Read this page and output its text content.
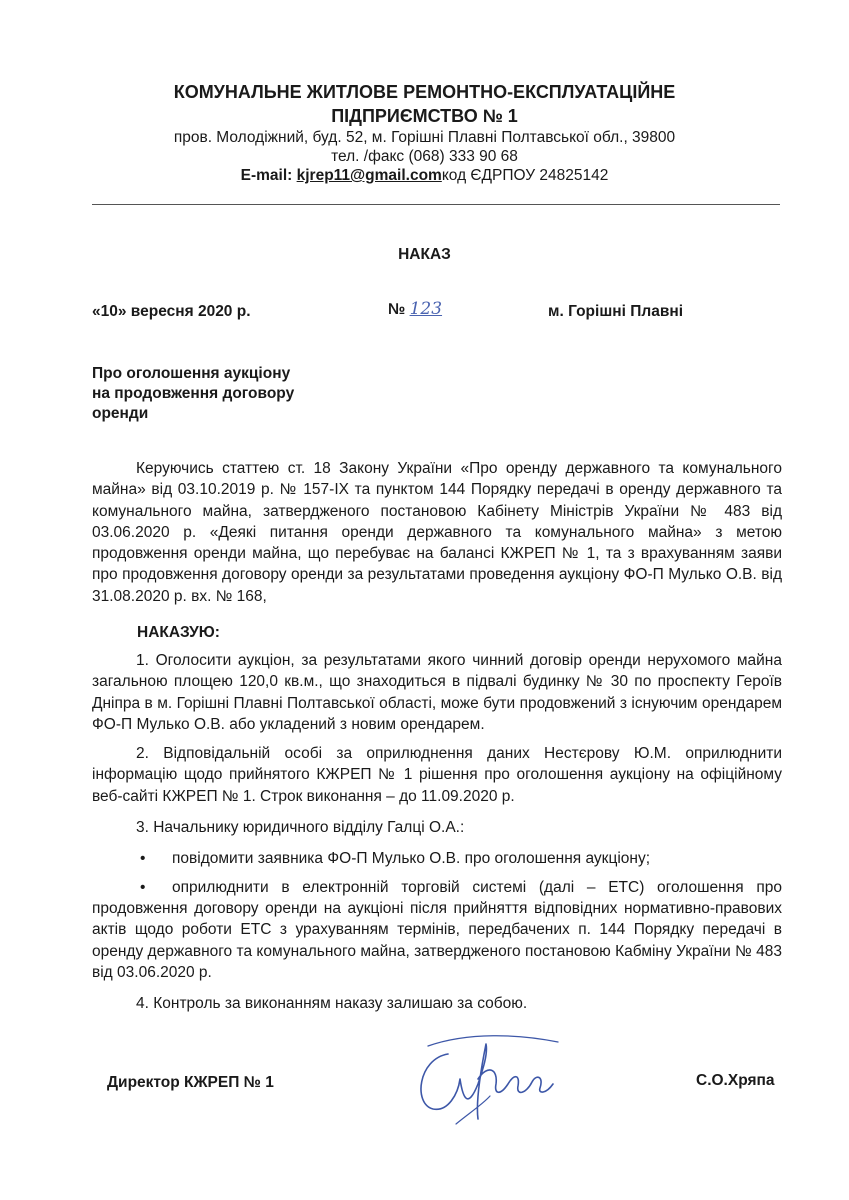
КОМУНАЛЬНЕ ЖИТЛОВЕ РЕМОНТНО-ЕКСПЛУАТАЦІЙНЕ
ПІДПРИЄМСТВО № 1
пров. Молодіжний, буд. 52, м. Горішні Плавні Полтавської обл., 39800
тел. /факс (068) 333 90 68
E-mail: kjrep11@gmail.comкод ЄДРПОУ 24825142
НАКАЗ
«10» вересня 2020 р.	№ 123	м. Горішні Плавні
Про оголошення аукціону
на продовження договору
оренди

Керуючись статтею ст. 18 Закону України «Про оренду державного та комунального майна» від 03.10.2019 р. № 157-IX та пунктом 144 Порядку передачі в оренду державного та комунального майна, затвердженого постановою Кабінету Міністрів України № 483 від 03.06.2020 р. «Деякі питання оренди державного та комунального майна» з метою продовження оренди майна, що перебуває на балансі КЖРЕП № 1, та з врахуванням заяви про продовження договору оренди за результатами проведення аукціону ФО-П Мулько О.В. від 31.08.2020 р. вх. № 168,

НАКАЗУЮ:

1. Оголосити аукціон, за результатами якого чинний договір оренди нерухомого майна загальною площею 120,0 кв.м., що знаходиться в підвалі будинку № 30 по проспекту Героїв Дніпра в м. Горішні Плавні Полтавської області, може бути продовжений з існуючим орендарем ФО-П Мулько О.В. або укладений з новим орендарем.

2. Відповідальній особі за оприлюднення даних Нестєрову Ю.М. оприлюднити інформацію щодо прийнятого КЖРЕП № 1 рішення про оголошення аукціону на офіційному веб-сайті КЖРЕП № 1. Строк виконання – до 11.09.2020 р.

3. Начальнику юридичного відділу Галці О.А.:

•	повідомити заявника ФО-П Мулько О.В. про оголошення аукціону;

•	оприлюднити в електронній торговій системі (далі – ЕТС) оголошення про продовження договору оренди на аукціоні після прийняття відповідних нормативно-правових актів щодо роботи ЕТС з урахуванням термінів, передбачених п. 144 Порядку передачі в оренду державного та комунального майна, затвердженого постановою Кабміну України № 483 від 03.06.2020 р.

4. Контроль за виконанням наказу залишаю за собою.

Директор КЖРЕП № 1	С.О.Хряпа
